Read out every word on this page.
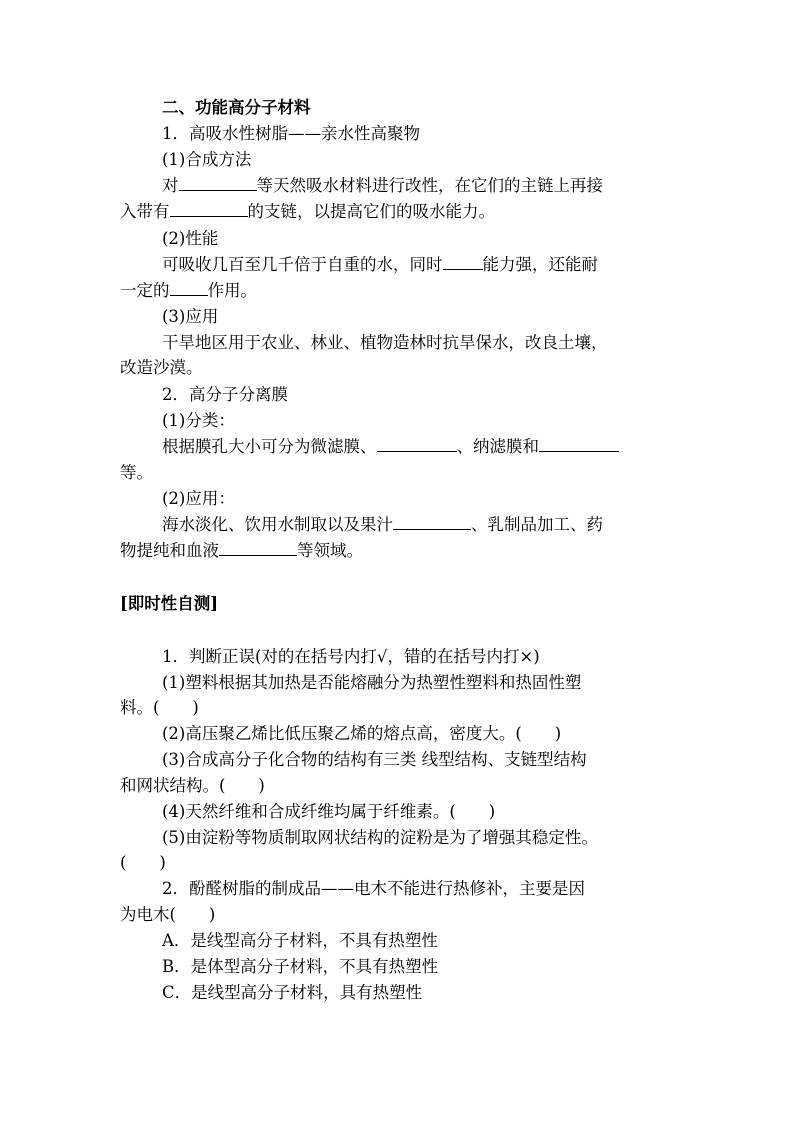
二、功能高分子材料
1．高吸水性树脂——亲水性高聚物
(1)合成方法
对	等天然吸水材料进行改性，在它们的主链上再接
入带有	的支链，以提高它们的吸水能力。
(2)性能
可吸收几百至几千倍于自重的水，同时 能力强，还能耐
一定的 作用。
(3)应用
干旱地区用于农业、林业、植物造林时抗旱保水，改良土壤，
改造沙漠。
2．高分子分离膜
(1)分类：
根据膜孔大小可分为微滤膜、	、纳滤膜和
等。
(2)应用：
海水淡化、饮用水制取以及果汁	、乳制品加工、药
物提纯和血液	等领域。
[即时性自测]
1．判断正误(对的在括号内打√，错的在括号内打×)
(1)塑料根据其加热是否能熔融分为热塑性塑料和热固性塑
料。(　　)
(2)高压聚乙烯比低压聚乙烯的熔点高，密度大。(　　)
(3)合成高分子化合物的结构有三类 线型结构、支链型结构
和网状结构。(　　)
(4)天然纤维和合成纤维均属于纤维素。(　　)
(5)由淀粉等物质制取网状结构的淀粉是为了增强其稳定性。
(　　)
2．酚醛树脂的制成品——电木不能进行热修补，主要是因
为电木(　　)
A．是线型高分子材料，不具有热塑性
B．是体型高分子材料，不具有热塑性
C．是线型高分子材料，具有热塑性
